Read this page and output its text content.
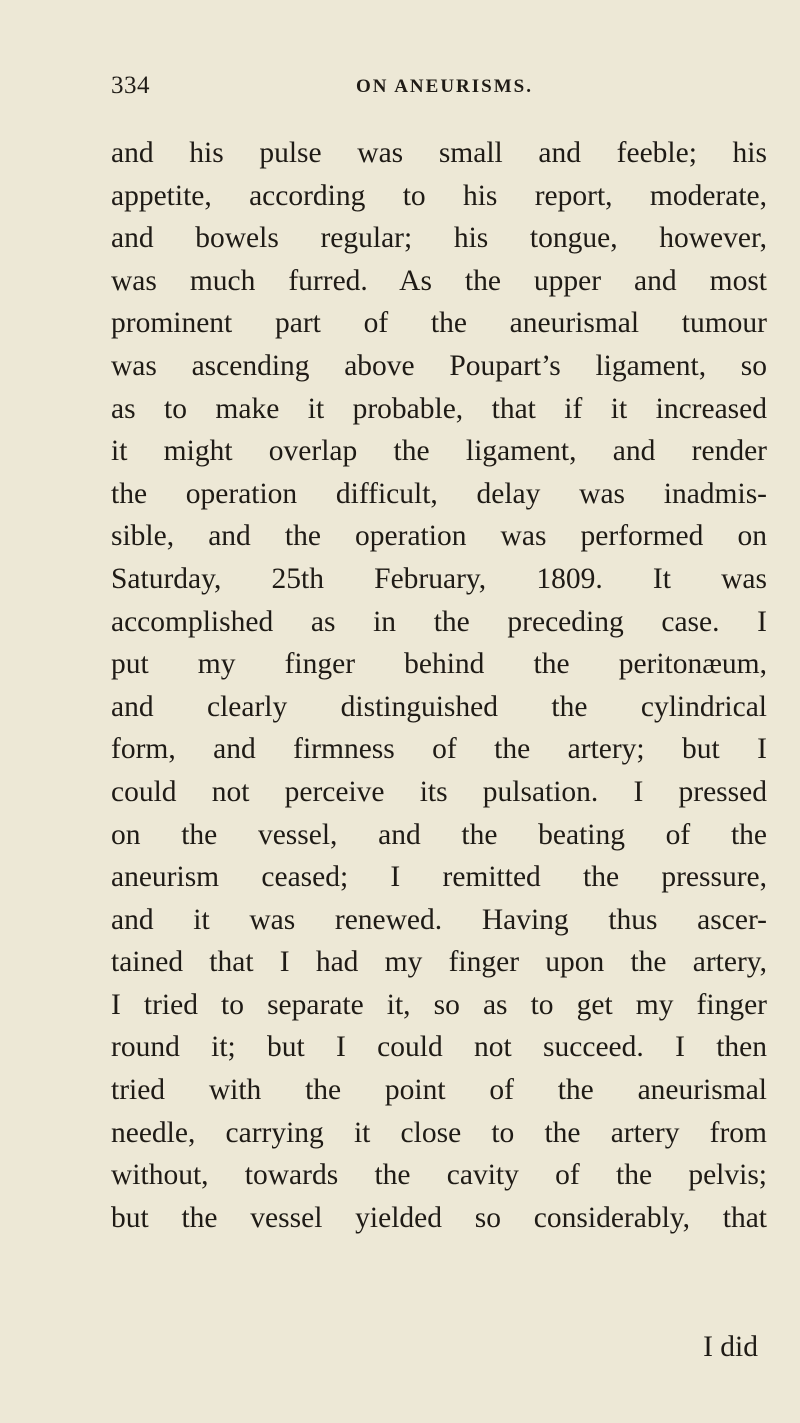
334	ON ANEURISMS.
and his pulse was small and feeble; his
appetite, according to his report, moderate,
and bowels regular; his tongue, however,
was much furred. As the upper and most
prominent part of the aneurismal tumour
was ascending above Poupart’s ligament, so
as to make it probable, that if it increased
it might overlap the ligament, and render
the operation difficult, delay was inadmis-
sible, and the operation was performed on
Saturday, 25th February, 1809. It was
accomplished as in the preceding case. I
put my finger behind the peritonæum,
and clearly distinguished the cylindrical
form, and firmness of the artery; but I
could not perceive its pulsation. I pressed
on the vessel, and the beating of the
aneurism ceased; I remitted the pressure,
and it was renewed. Having thus ascer-
tained that I had my finger upon the artery,
I tried to separate it, so as to get my finger
round it; but I could not succeed. I then
tried with the point of the aneurismal
needle, carrying it close to the artery from
without, towards the cavity of the pelvis;
but the vessel yielded so considerably, that
I did
